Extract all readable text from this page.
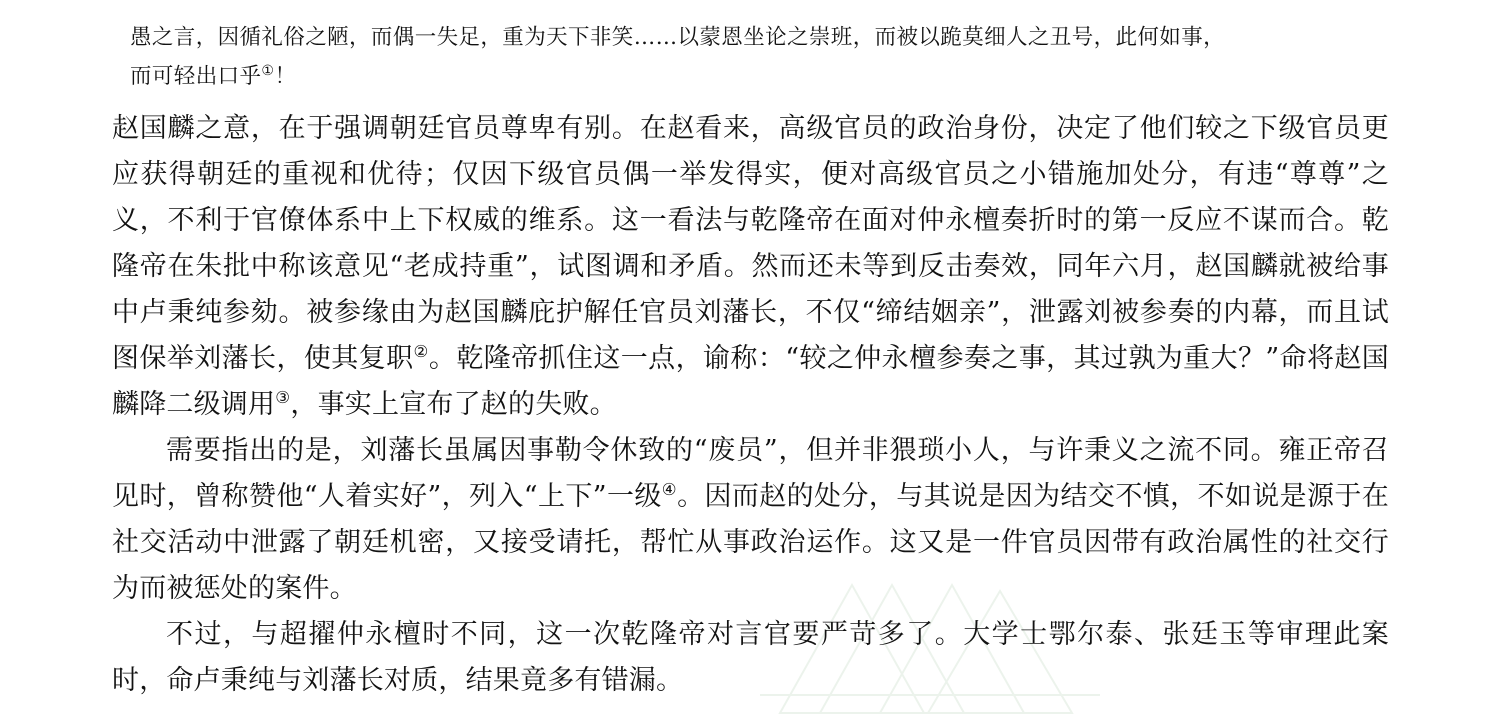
愚之言，因循礼俗之陋，而偶一失足，重为天下非笑……以蒙恩坐论之崇班，而被以跪莫细人之丑号，此何如事，
而可轻出口乎①！

赵国麟之意，在于强调朝廷官员尊卑有别。在赵看来，高级官员的政治身份，决定了他们较之下级官员更应获得朝廷的重视和优待；仅因下级官员偶一举发得实，便对高级官员之小错施加处分，有违“尊尊”之义，不利于官僚体系中上下权威的维系。这一看法与乾隆帝在面对仲永檀奏折时的第一反应不谋而合。乾隆帝在朱批中称该意见“老成持重”，试图调和矛盾。然而还未等到反击奏效，同年六月，赵国麟就被给事中卢秉纯参劾。被参缘由为赵国麟庇护解任官员刘藩长，不仅“缔结姻亲”，泄露刘被参奏的内幕，而且试图保举刘藩长，使其复职②。乾隆帝抓住这一点，谕称：“较之仲永檀参奏之事，其过孰为重大？”命将赵国麟降二级调用③，事实上宣布了赵的失败。

需要指出的是，刘藩长虽属因事勒令休致的“废员”，但并非猥琐小人，与许秉义之流不同。雍正帝召见时，曾称赞他“人着实好”，列入“上下”一级④。因而赵的处分，与其说是因为结交不慎，不如说是源于在社交活动中泄露了朝廷机密，又接受请托，帮忙从事政治运作。这又是一件官员因带有政治属性的社交行为而被惩处的案件。

不过，与超擢仲永檀时不同，这一次乾隆帝对言官要严苛多了。大学士鄂尔泰、张廷玉等审理此案时，命卢秉纯与刘藩长对质，结果竟多有错漏。
